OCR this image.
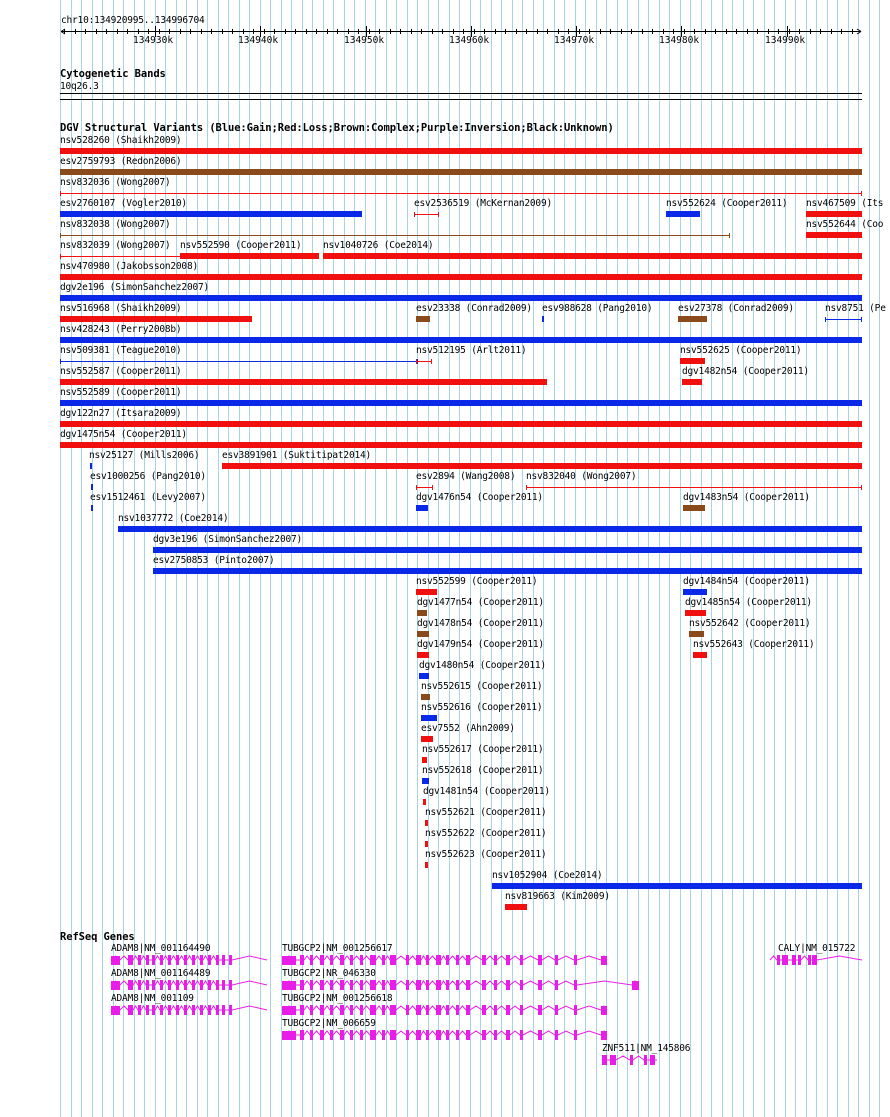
chr10:134920995..134996704
134930k	134940k	134950k	134960k	134970k	134980k	134990k
Cytogenetic Bands
10q26.3
DGV Structural Variants (Blue:Gain;Red:Loss;Brown:Complex;Purple:Inversion;Black:Unknown)
nsv528260 (Shaikh2009)
esv2759793 (Redon2006)
nsv832036 (Wong2007)
esv2760107 (Vogler2010)	esv2536519 (McKernan2009)	nsv552624 (Cooper2011) nsv467509 (Its
nsv832038 (Wong2007)	nsv552644 (Coo
nsv832039 (Wong2007) nsv552590 (Cooper2011) nsv1040726 (Coe2014)
nsv470980 (Jakobsson2008)
dgv2e196 (SimonSanchez2007)
nsv516968 (Shaikh2009)	esv23338 (Conrad2009) esv988628 (Pang2010)	esv27378 (Conrad2009)	nsv8751 (Pe
nsv428243 (Perry2008b)
nsv509381 (Teague2010)	nsv512195 (Arlt2011)	nsv552625 (Cooper2011)
nsv552587 (Cooper2011)	dgv1482n54 (Cooper2011)
nsv552589 (Cooper2011)
dgv122n27 (Itsara2009)
dgv1475n54 (Cooper2011)
nsv25127 (Mills2006) esv3891901 (Suktitipat2014)
esv1000256 (Pang2010)	esv2894 (Wang2008) nsv832040 (Wong2007)
esv1512461 (Levy2007)	dgv1476n54 (Cooper2011)	dgv1483n54 (Cooper2011)
nsv1037772 (Coe2014)
dgv3e196 (SimonSanchez2007)
esv2750853 (Pinto2007)
nsv552599 (Cooper2011)	dgv1484n54 (Cooper2011)
dgv1477n54 (Cooper2011)	dgv1485n54 (Cooper2011)
dgv1478n54 (Cooper2011)	nsv552642 (Cooper2011)
dgv1479n54 (Cooper2011)	nsv552643 (Cooper2011)
dgv1480n54 (Cooper2011)
nsv552615 (Cooper2011)
nsv552616 (Cooper2011)
esv7552 (Ahn2009)
nsv552617 (Cooper2011)
nsv552618 (Cooper2011)
dgv1481n54 (Cooper2011)
nsv552621 (Cooper2011)
nsv552622 (Cooper2011)
nsv552623 (Cooper2011)
nsv1052904 (Coe2014)
nsv819663 (Kim2009)
RefSeq Genes
ADAM8|NM_001164490
ADAM8|NM_001164489
ADAM8|NM_001109
TUBGCP2|NM_001256617
TUBGCP2|NR_046330
TUBGCP2|NM_001256618
TUBGCP2|NM_006659
ZNF511|NM_145806
CALY|NM_015722
